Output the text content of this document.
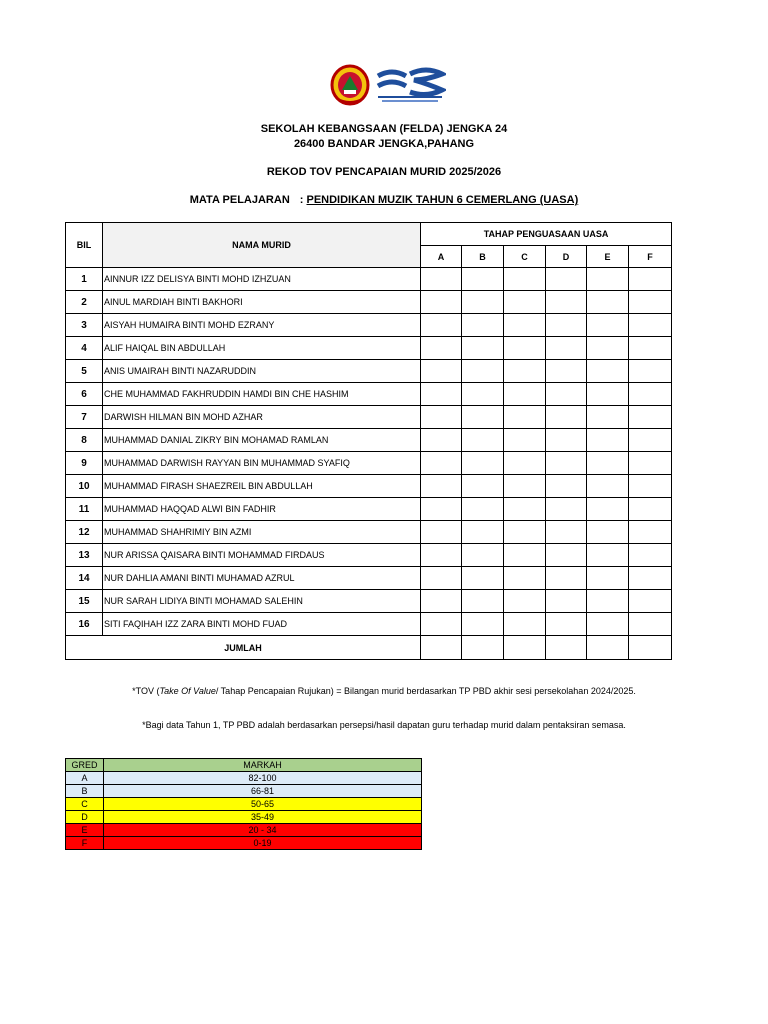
SEKOLAH KEBANGSAAN (FELDA) JENGKA 24
26400 BANDAR JENGKA,PAHANG
REKOD TOV PENCAPAIAN MURID 2025/2026
MATA PELAJARAN : PENDIDIKAN MUZIK TAHUN 6 CEMERLANG (UASA)
BIL	NAMA MURID	TAHAP PENGUASAAN UASA					
		A	B	C	D	E	F
1	AINNUR IZZ DELISYA BINTI MOHD IZHZUAN						
2	AINUL MARDIAH BINTI BAKHORI						
3	AISYAH HUMAIRA BINTI MOHD EZRANY						
4	ALIF HAIQAL BIN ABDULLAH						
5	ANIS UMAIRAH BINTI NAZARUDDIN						
6	CHE MUHAMMAD FAKHRUDDIN HAMDI BIN CHE HASHIM						
7	DARWISH HILMAN BIN MOHD AZHAR						
8	MUHAMMAD DANIAL ZIKRY BIN MOHAMAD RAMLAN						
9	MUHAMMAD DARWISH RAYYAN BIN MUHAMMAD SYAFIQ						
10	MUHAMMAD FIRASH SHAEZREIL BIN ABDULLAH						
11	MUHAMMAD HAQQAD ALWI BIN FADHIR						
12	MUHAMMAD SHAHRIMIY BIN AZMI						
13	NUR ARISSA QAISARA BINTI MOHAMMAD FIRDAUS						
14	NUR DAHLIA AMANI BINTI MUHAMAD AZRUL						
15	NUR SARAH LIDIYA BINTI MOHAMAD SALEHIN						
16	SITI FAQIHAH IZZ ZARA BINTI MOHD FUAD						
JUMLAH							
*TOV (Take Of Value/ Tahap Pencapaian Rujukan) = Bilangan murid berdasarkan TP PBD akhir sesi persekolahan 2024/2025.
*Bagi data Tahun 1, TP PBD adalah berdasarkan persepsi/hasil dapatan guru terhadap murid dalam pentaksiran semasa.
GRED	MARKAH
A	82-100
B	66-81
C	50-65
D	35-49
E	20 - 34
F	0-19
